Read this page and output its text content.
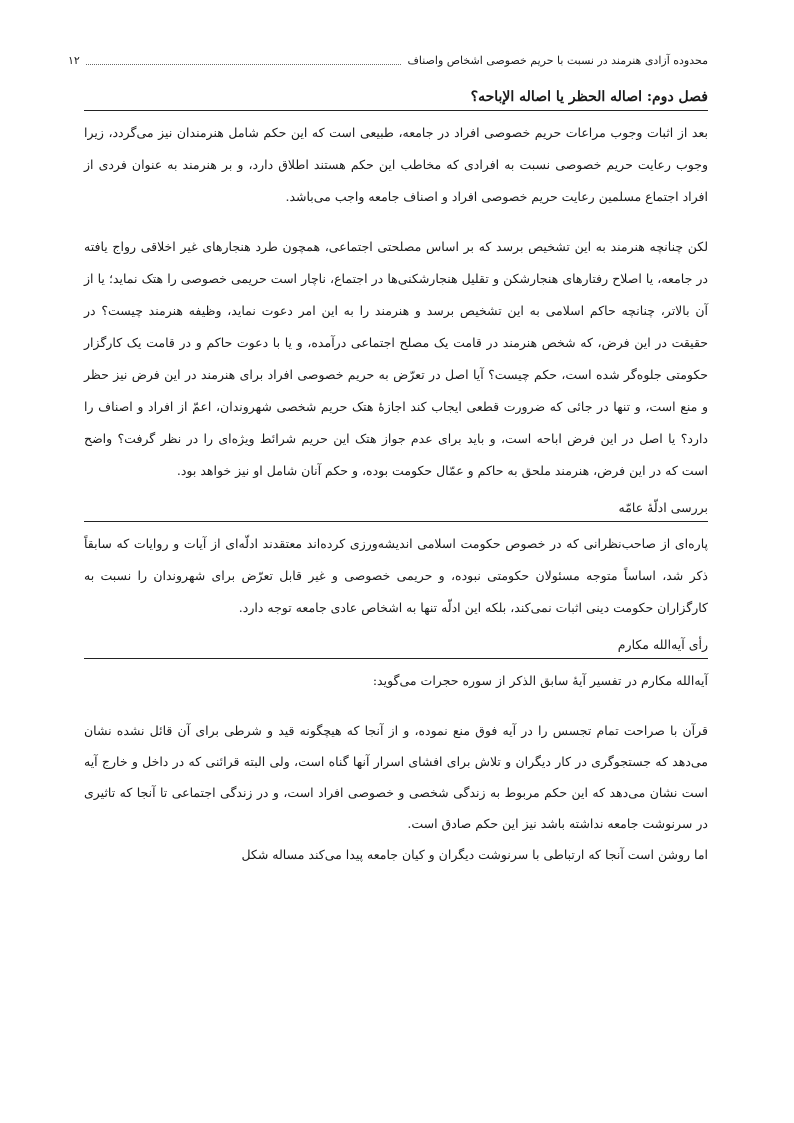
محدوده آزادی هنرمند در نسبت با حریم خصوصی اشخاص واصناف
۱۲
فصل دوم: اصاله الحظر یا اصاله الإباحه؟

بعد از اثبات وجوب مراعات حریم خصوصی افراد در جامعه، طبیعی است که این حکم شامل هنرمندان نیز می‌گردد، زیرا وجوب رعایت حریم خصوصی نسبت به افرادی که مخاطب این حکم هستند اطلاق دارد، و بر هنرمند به عنوان فردی از افراد اجتماع مسلمین رعایت حریم خصوصی افراد و اصناف جامعه واجب می‌باشد.

لکن چنانچه هنرمند به این تشخیص برسد که بر اساس مصلحتی اجتماعی، همچون طرد هنجارهای غیر اخلاقی رواج یافته در جامعه، یا اصلاح رفتارهای هنجارشکن و تقلیل هنجارشکنی‌ها در اجتماع، ناچار است حریمی خصوصی را هتک نماید؛ یا از آن بالاتر، چنانچه حاکم اسلامی به این تشخیص برسد و هنرمند را به این امر دعوت نماید، وظیفه هنرمند چیست؟ در حقیقت در این فرض، که شخص هنرمند در قامت یک مصلح اجتماعی درآمده، و یا با دعوت حاکم و در قامت یک کارگزار حکومتی جلوه‌گر شده است، حکم چیست؟ آیا اصل در تعرّض به حریم خصوصی افراد برای هنرمند در این فرض نیز حظر و منع است، و تنها در جائی که ضرورت قطعی ایجاب کند اجازهٔ هتک حریم شخصی شهروندان، اعمّ از افراد و اصناف را دارد؟ یا اصل در این فرض اباحه است، و باید برای عدم جواز هتک این حریم شرائط ویژه‌ای را در نظر گرفت؟ واضح است که در این فرض، هنرمند ملحق به حاکم و عمّال حکومت بوده، و حکم آنان شامل او نیز خواهد بود.

بررسی ادلّهٔ عامّه

پاره‌ای از صاحب‌نظرانی که در خصوص حکومت اسلامی اندیشه‌ورزی کرده‌اند معتقدند ادلّه‌ای از آیات و روایات که سابقاً ذکر شد، اساساً متوجه مسئولان حکومتی نبوده، و حریمی خصوصی و غیر قابل تعرّض برای شهروندان را نسبت به کارگزاران حکومت دینی اثبات نمی‌کند، بلکه این ادلّه تنها به اشخاص عادی جامعه توجه دارد.

رأی آیه‌الله مکارم

آیه‌الله مکارم در تفسیر آیهٔ سابق الذکر از سوره حجرات می‌گوید:

قرآن با صراحت تمام تجسس را در آیه فوق منع نموده، و از آنجا که هیچگونه قید و شرطی برای آن قائل نشده نشان می‌دهد که جستجوگری در کار دیگران و تلاش برای افشای اسرار آنها گناه است، ولی البته قرائنی که در داخل و خارج آیه است نشان می‌دهد که این حکم مربوط به زندگی شخصی و خصوصی افراد است، و در زندگی اجتماعی تا آنجا که تاثیری در سرنوشت جامعه نداشته باشد نیز این حکم صادق است.

اما روشن است آنجا که ارتباطی با سرنوشت دیگران و کیان جامعه پیدا می‌کند مساله شکل
